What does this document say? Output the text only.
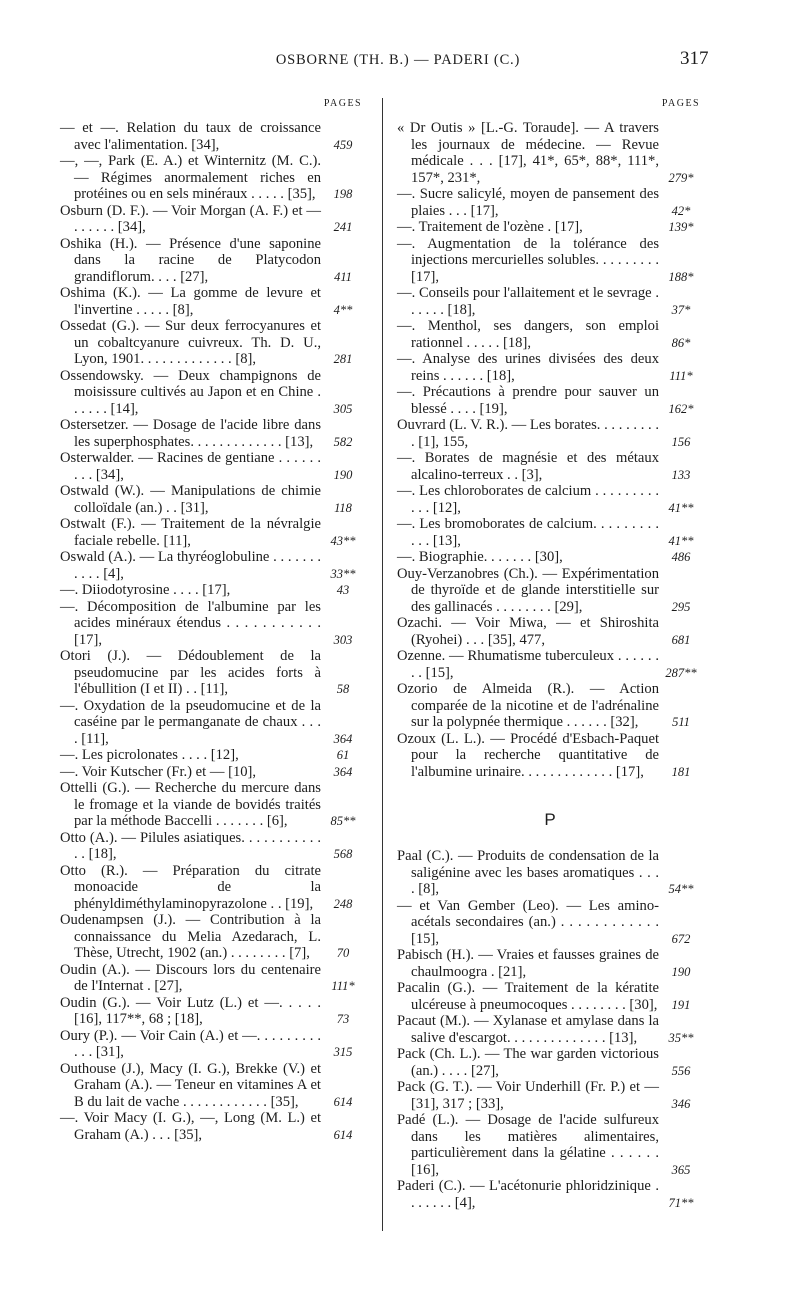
OSBORNE (TH. B.) — PADERI (C.)	317
PAGES
— et —. Relation du taux de croissance avec l'alimentation. [34],	459
—, —, Park (E. A.) et Winternitz (M. C.). — Régimes anormalement riches en protéines ou en sels minéraux . . . . . [35],	198
Osburn (D. F.). — Voir Morgan (A. F.) et — . . . . . . [34],	241
Oshika (H.). — Présence d'une saponine dans la racine de Platycodon grandiflorum. . . . [27],	411
Oshima (K.). — La gomme de levure et l'invertine . . . . . [8],	4**
Ossedat (G.). — Sur deux ferrocyanures et un cobaltcyanure cuivreux. Th. D. U., Lyon, 1901. . . . . . . . . . . . . [8],	281
Ossendowsky. — Deux champignons de moisissure cultivés au Japon et en Chine . . . . . . [14],	305
Ostersetzer. — Dosage de l'acide libre dans les superphosphates. . . . . . . . . . . . . [13],	582
Osterwalder. — Racines de gentiane . . . . . . . . . [34],	190
Ostwald (W.). — Manipulations de chimie colloïdale (an.) . . [31],	118
Ostwalt (F.). — Traitement de la névralgie faciale rebelle. [11],	43**
Oswald (A.). — La thyréoglobuline . . . . . . . . . . . [4],	33**
—. Diiodotyrosine . . . . [17],	43
—. Décomposition de l'albumine par les acides minéraux étendus . . . . . . . . . . . [17],	303
Otori (J.). — Dédoublement de la pseudomucine par les acides forts à l'ébullition (I et II) . . [11],	58
—. Oxydation de la pseudomucine et de la caséine par le permanganate de chaux . . . . [11],	364
—. Les picrolonates . . . . [12],	61
—. Voir Kutscher (Fr.) et — [10],	364
Ottelli (G.). — Recherche du mercure dans le fromage et la viande de bovidés traités par la méthode Baccelli . . . . . . . [6],	85**
Otto (A.). — Pilules asiatiques. . . . . . . . . . . . . [18],	568
Otto (R.). — Préparation du citrate monoacide de la phényldiméthylaminopyrazolone . . [19],	248
Oudenampsen (J.). — Contribution à la connaissance du Melia Azedarach, L. Thèse, Utrecht, 1902 (an.) . . . . . . . . [7],	70
Oudin (A.). — Discours lors du centenaire de l'Internat . [27],	111*
Oudin (G.). — Voir Lutz (L.) et —. . . . . [16], 117**, 68 ; [18],	73
Oury (P.). — Voir Cain (A.) et —. . . . . . . . . . . . [31],	315
Outhouse (J.), Macy (I. G.), Brekke (V.) et Graham (A.). — Teneur en vitamines A et B du lait de vache . . . . . . . . . . . . [35],	614
—. Voir Macy (I. G.), —, Long (M. L.) et Graham (A.) . . . [35],	614
PAGES
« Dr Outis » [L.-G. Toraude]. — A travers les journaux de médecine. — Revue médicale . . . [17], 41*, 65*, 88*, 111*, 157*, 231*,	279*
—. Sucre salicylé, moyen de pansement des plaies . . . [17],	42*
—. Traitement de l'ozène . [17],	139*
—. Augmentation de la tolérance des injections mercurielles solubles. . . . . . . . . [17],	188*
—. Conseils pour l'allaitement et le sevrage . . . . . . [18],	37*
—. Menthol, ses dangers, son emploi rationnel . . . . . [18],	86*
—. Analyse des urines divisées des deux reins . . . . . . [18],	111*
—. Précautions à prendre pour sauver un blessé . . . . [19],	162*
Ouvrard (L. V. R.). — Les borates. . . . . . . . . . [1], 155,	156
—. Borates de magnésie et des métaux alcalino-terreux . . [3],	133
—. Les chloroborates de calcium . . . . . . . . . . . . [12],	41**
—. Les bromoborates de calcium. . . . . . . . . . . . [13],	41**
—. Biographie. . . . . . . [30],	486
Ouy-Verzanobres (Ch.). — Expérimentation de thyroïde et de glande interstitielle sur des gallinacés . . . . . . . . [29],	295
Ozachi. — Voir Miwa, — et Shiroshita (Ryohei) . . . [35], 477,	681
Ozenne. — Rhumatisme tuberculeux . . . . . . . . [15],	287**
Ozorio de Almeida (R.). — Action comparée de la nicotine et de l'adrénaline sur la polypnée thermique . . . . . . [32],	511
Ozoux (L. L.). — Procédé d'Esbach-Paquet pour la recherche quantitative de l'albumine urinaire. . . . . . . . . . . . . [17],	181
P
Paal (C.). — Produits de condensation de la saligénine avec les bases aromatiques . . . . [8],	54**
— et Van Gember (Leo). — Les amino-acétals secondaires (an.) . . . . . . . . . . . . [15],	672
Pabisch (H.). — Vraies et fausses graines de chaulmoogra . [21],	190
Pacalin (G.). — Traitement de la kératite ulcéreuse à pneumocoques . . . . . . . . [30],	191
Pacaut (M.). — Xylanase et amylase dans la salive d'escargot. . . . . . . . . . . . . . [13],	35**
Pack (Ch. L.). — The war garden victorious (an.) . . . . [27],	556
Pack (G. T.). — Voir Underhill (Fr. P.) et — [31], 317 ; [33],	346
Padé (L.). — Dosage de l'acide sulfureux dans les matières alimentaires, particulièrement dans la gélatine . . . . . . [16],	365
Paderi (C.). — L'acétonurie phloridzinique . . . . . . . [4],	71**
